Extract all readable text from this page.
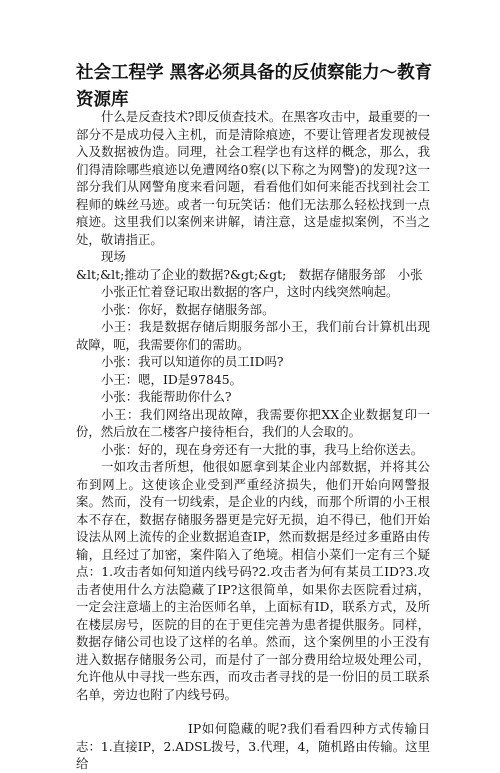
社会工程学 黑客必须具备的反侦察能力～教育资源库

什么是反查技术?即反侦查技术。在黑客攻击中，最重要的一部分不是成功侵入主机，而是清除痕迹，不要让管理者发现被侵入及数据被伪造。同理，社会工程学也有这样的概念，那么，我们得清除哪些痕迹以免遭网络0察(以下称之为网警)的发现?这一部分我们从网警角度来看问题，看看他们如何来能否找到社会工程师的蛛丝马迹。或者一句玩笑话：他们无法那么轻松找到一点痕迹。这里我们以案例来讲解，请注意，这是虚拟案例，不当之处，敬请指正。

现场

&lt;&lt;推动了企业的数据?&gt;&gt;　数据存储服务部　小张

小张正忙着登记取出数据的客户，这时内线突然响起。

小张：你好，数据存储服务部。

小王：我是数据存储后期服务部小王，我们前台计算机出现故障，呃，我需要你们的需助。

小张：我可以知道你的员工ID吗?

小王：嗯，ID是97845。

小张：我能帮助你什么?

小王：我们网络出现故障，我需要你把XX企业数据复印一份，然后放在二楼客户接待柜台，我们的人会取的。

小张：好的，现在身旁还有一大批的事，我马上给你送去。

一如攻击者所想，他很如愿拿到某企业内部数据，并将其公布到网上。这使该企业受到严重经济损失，他们开始向网警报案。然而，没有一切线索，是企业的内线，而那个所谓的小王根本不存在，数据存储服务器更是完好无损，迫不得已，他们开始设法从网上流传的企业数据追查IP，然而数据是经过多重路由传输，且经过了加密，案件陷入了绝境。相信小菜们一定有三个疑点：1.攻击者如何知道内线号码?2.攻击者为何有某员工ID?3.攻击者使用什么方法隐藏了IP?这很简单，如果你去医院看过病，一定会注意墙上的主治医师名单，上面标有ID，联系方式，及所在楼层房号，医院的目的在于更佳完善为患者提供服务。同样，数据存储公司也设了这样的名单。然而，这个案例里的小王没有进入数据存储服务公司，而是付了一部分费用给垃圾处理公司，允许他从中寻找一些东西，而攻击者寻找的是一份旧的员工联系名单，旁边也附了内线号码。

IP如何隐藏的呢?我们看看四种方式传输日志：1.直接IP，2.ADSL拨号，3.代理，4，随机路由传输。这里给
